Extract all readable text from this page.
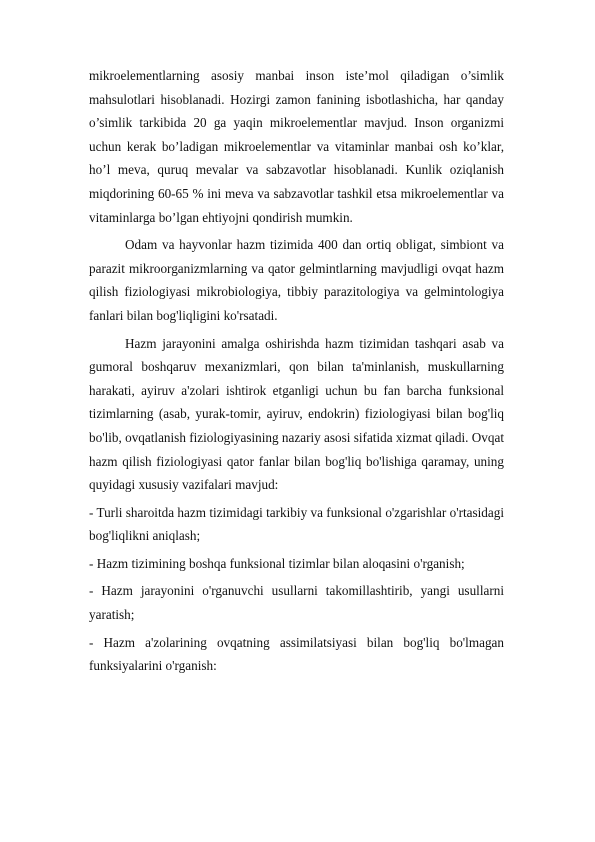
mikroelementlarning asosiy manbai inson iste’mol qiladigan o’simlik mahsulotlari hisoblanadi. Hozirgi zamon fanining isbotlashicha, har qanday o’simlik tarkibida 20 ga yaqin mikroelementlar mavjud. Inson organizmi uchun kerak bo’ladigan mikroelementlar va vitaminlar manbai osh ko’klar, ho’l meva, quruq mevalar va sabzavotlar hisoblanadi. Kunlik oziqlanish miqdorining 60-65 % ini meva va sabzavotlar tashkil etsa mikroelementlar va vitaminlarga bo’lgan ehtiyojni qondirish mumkin.

Odam va hayvonlar hazm tizimida 400 dan ortiq obligat, simbiont va parazit mikroorganizmlarning va qator gelmintlarning mavjudligi ovqat hazm qilish fiziologiyasi mikrobiologiya, tibbiy parazitologiya va gelmintologiya fanlari bilan bog'liqligini ko'rsatadi.

Hazm jarayonini amalga oshirishda hazm tizimidan tashqari asab va gumoral boshqaruv mexanizmlari, qon bilan ta'minlanish, muskullarning harakati, ayiruv a'zolari ishtirok etganligi uchun bu fan barcha funksional tizimlarning (asab, yurak-tomir, ayiruv, endokrin) fiziologiyasi bilan bog'liq bo'lib, ovqatlanish fiziologiyasining nazariy asosi sifatida xizmat qiladi. Ovqat hazm qilish fiziologiyasi qator fanlar bilan bog'liq bo'lishiga qaramay, uning quyidagi xususiy vazifalari mavjud:

- Turli sharoitda hazm tizimidagi tarkibiy va funksional o'zgarishlar o'rtasidagi bog'liqlikni aniqlash;

- Hazm tizimining boshqa funksional tizimlar bilan aloqasini o'rganish;

- Hazm jarayonini o'rganuvchi usullarni takomillashtirib, yangi usullarni yaratish;

- Hazm a'zolarining ovqatning assimilatsiyasi bilan bog'liq bo'lmagan funksiyalarini o'rganish:
